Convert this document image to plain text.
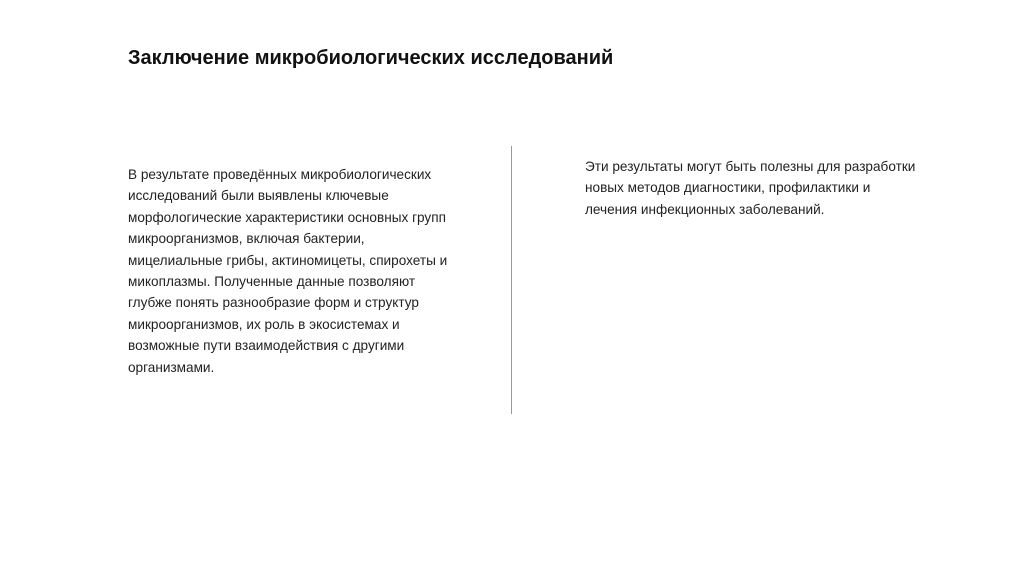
Заключение микробиологических исследований

В результате проведённых микробиологических
исследований были выявлены ключевые
морфологические характеристики основных групп
микроорганизмов, включая бактерии,
мицелиальные грибы, актиномицеты, спирохеты и
микоплазмы. Полученные данные позволяют
глубже понять разнообразие форм и структур
микроорганизмов, их роль в экосистемах и
возможные пути взаимодействия с другими
организмами.

Эти результаты могут быть полезны для разработки
новых методов диагностики, профилактики и
лечения инфекционных заболеваний.
